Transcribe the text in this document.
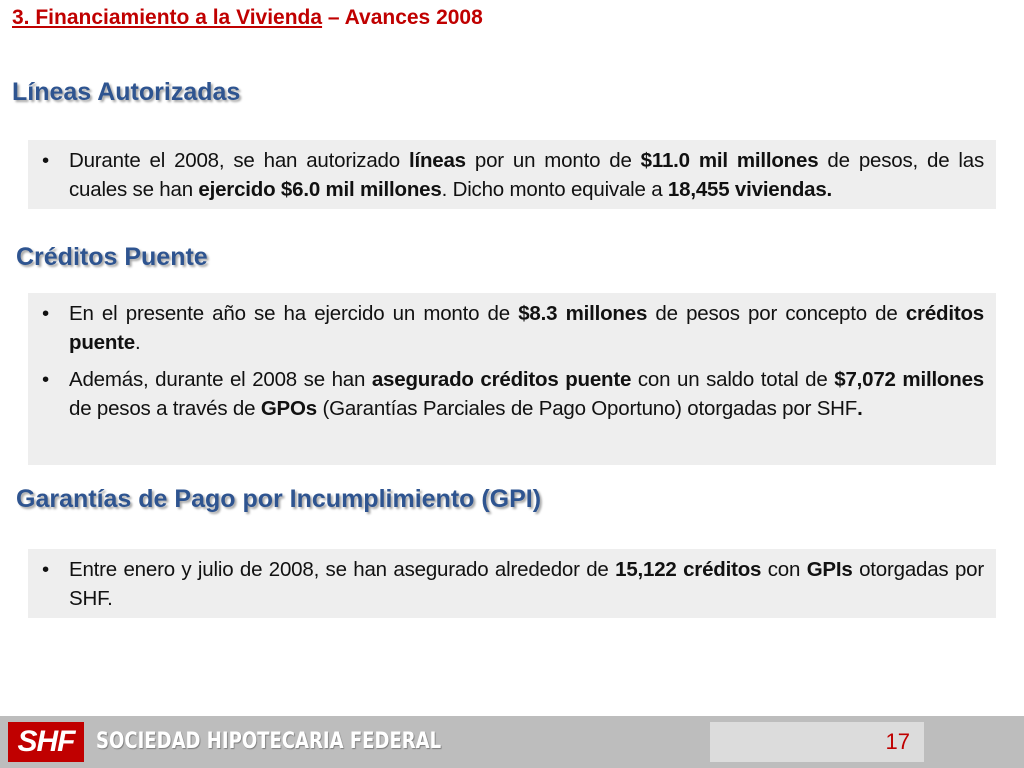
3. Financiamiento a la Vivienda – Avances 2008
Líneas Autorizadas
• Durante el 2008, se han autorizado líneas por un monto de $11.0 mil millones de pesos, de las cuales se han ejercido $6.0 mil millones. Dicho monto equivale a 18,455 viviendas.
Créditos Puente
• En el presente año se ha ejercido un monto de $8.3 millones de pesos por concepto de créditos puente.
• Además, durante el 2008 se han asegurado créditos puente con un saldo total de $7,072 millones de pesos a través de GPOs (Garantías Parciales de Pago Oportuno) otorgadas por SHF.
Garantías de Pago por Incumplimiento (GPI)
• Entre enero y julio de 2008, se han asegurado alrededor de 15,122 créditos con GPIs otorgadas por SHF.
SHF SOCIEDAD HIPOTECARIA FEDERAL	17
